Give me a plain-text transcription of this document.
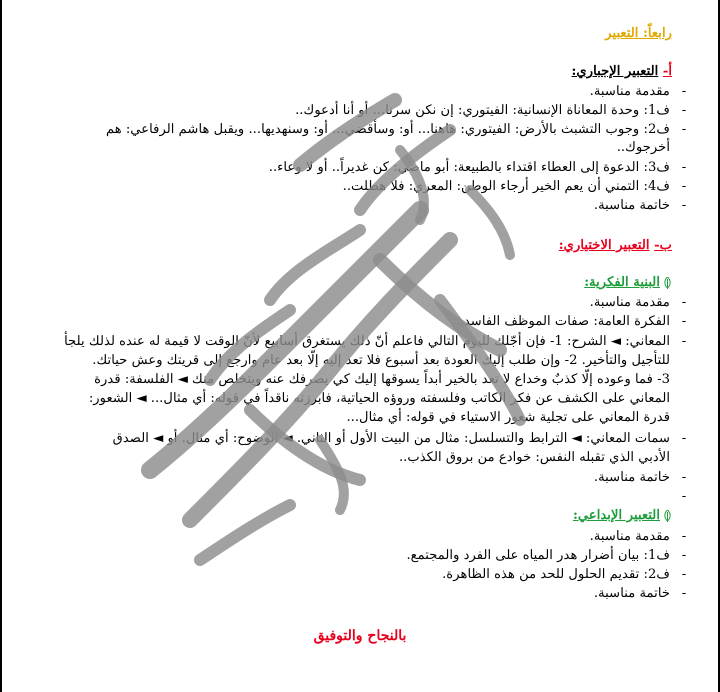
رابعاً: التعبير
أ- التعبير الإجباري:
-
مقدمة مناسبة.
-
ف1: وحدة المعاناة الإنسانية: الفيتوري: إن نكن سرنا... أو أنا أدعوك..
-
ف2: وجوب التشبث بالأرض: الفيتوري: هاهنا... أو: وسأقضي... أو: وسنهديها... ويقبل هاشم الرفاعي: هم
أخرجوك..
-
ف3: الدعوة إلى العطاء اقتداء بالطبيعة: أبو ماضي: كن غديراً.. أو لا وعاء..
-
ف4: التمني أن يعم الخير أرجاء الوطن: المعري: فلا هطلت..
-
خاتمة مناسبة.
ب- التعبير الاختياري:
البنية الفكرية:
-
مقدمة مناسبة.
-
الفكرة العامة: صفات الموظف الفاسد.
-
المعاني: ◄ الشرح: 1- فإن أجّلك لليوم التالي فاعلم أنّ ذلك يستغرق أسابيع لأنّ الوقت لا قيمة له عنده لذلك يلجأ
للتأجيل والتأخير. 2- وإن طلب إليك العودة بعد أسبوع فلا تعد إليه إلّا بعد عام وارجع إلى قريتك وعش حياتك.
3- فما وعوده إلّا كذبٌ وخداع لا تعد بالخير أبداً يسوقها إليك كي يصرفك عنه ويتخلص منك ◄ الفلسفة: قدرة
المعاني على الكشف عن فكر الكاتب وفلسفته وروؤه الحياتية، فابرزته ناقداً في قوله: أي مثال... ◄ الشعور:
قدرة المعاني على تجلية شعور الاستياء في قوله: أي مثال...
-
سمات المعاني: ◄ الترابط والتسلسل: مثال من البيت الأول أو الثاني. ◄ الوضوح: أي مثال. أو ◄ الصدق
الأدبي الذي تقبله النفس: خوادع من بروق الكذب..
-
خاتمة مناسبة.
-
التعبير الإبداعي:
-
مقدمة مناسبة.
-
ف1: بيان أضرار هدر المياه على الفرد والمجتمع.
-
ف2: تقديم الحلول للحد من هذه الظاهرة.
-
خاتمة مناسبة.
بالنجاح والتوفيق
